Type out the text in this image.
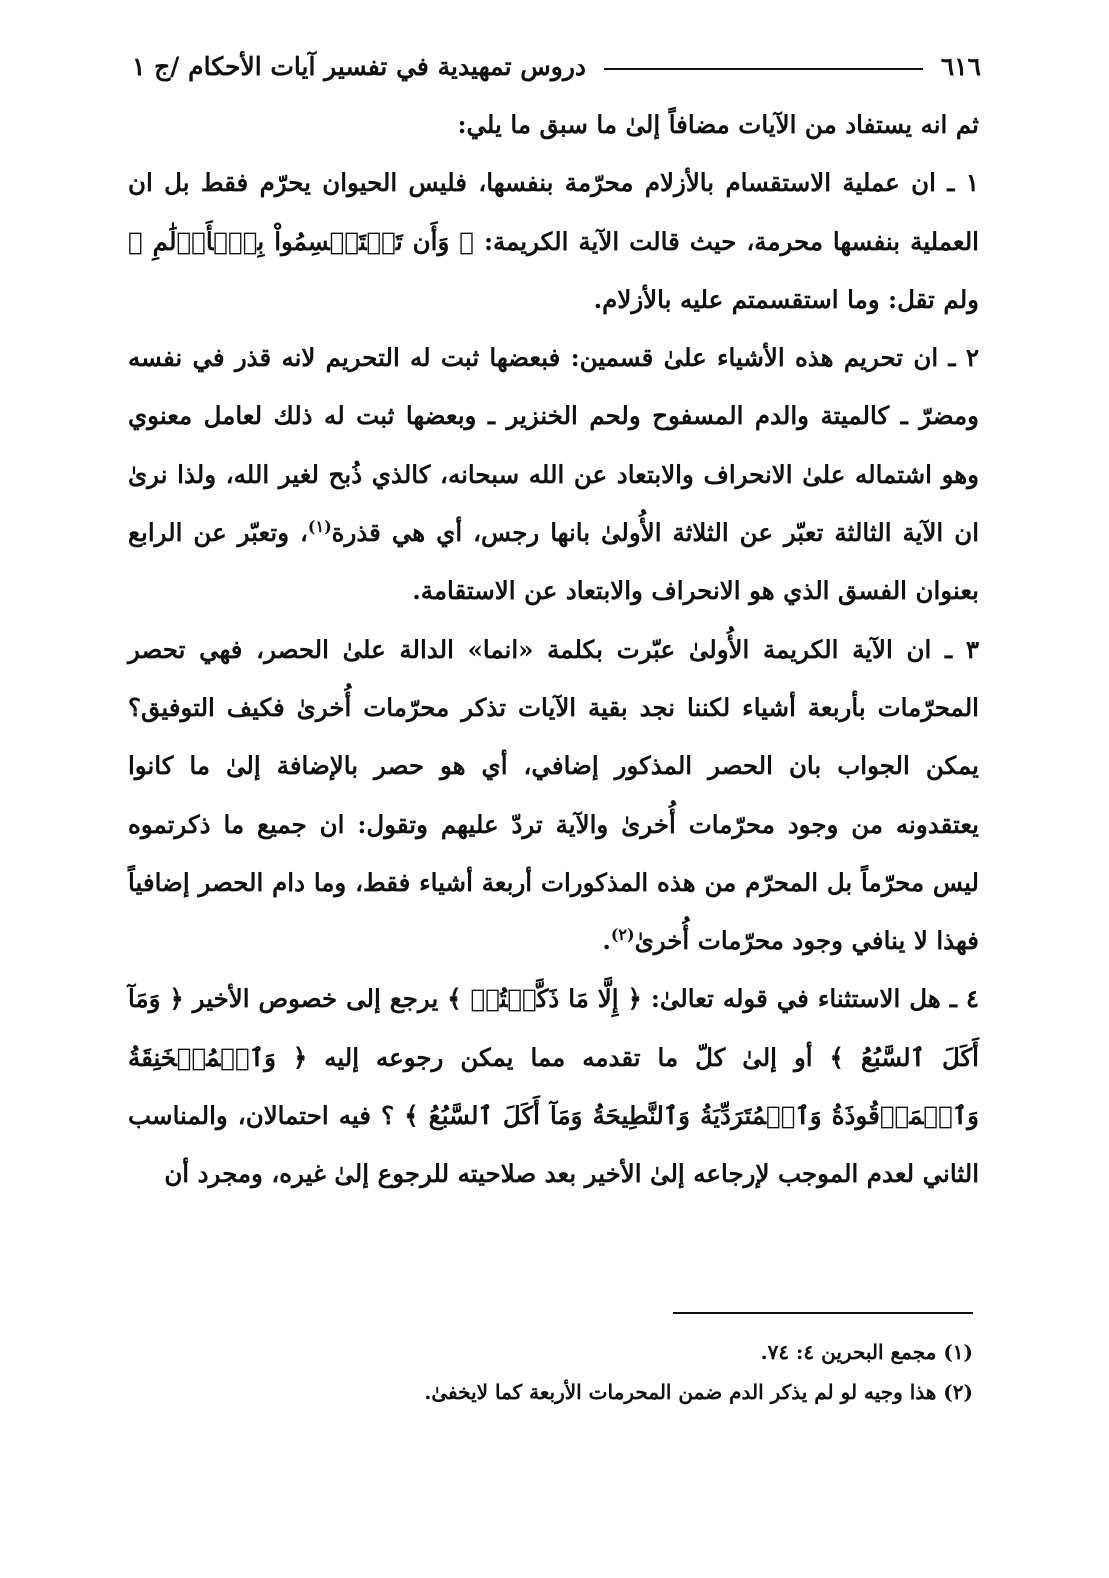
٦١٦
دروس تمهيدية في تفسير آيات الأحكام /ج ١

ثم انه يستفاد من الآيات مضافاً إلىٰ ما سبق ما يلي:

١ ـ ان عملية الاستقسام بالأزلام محرّمة بنفسها، فليس الحيوان يحرّم فقط بل ان العملية بنفسها محرمة، حيث قالت الآية الكريمة: ﴿ وَأَن تَسۡتَقۡسِمُواْ بِٱلۡأَزۡلَٰمِ ﴾ ولم تقل: وما استقسمتم عليه بالأزلام.

٢ ـ ان تحريم هذه الأشياء علىٰ قسمين: فبعضها ثبت له التحريم لانه قذر في نفسه ومضرّ ـ كالميتة والدم المسفوح ولحم الخنزير ـ وبعضها ثبت له ذلك لعامل معنوي وهو اشتماله علىٰ الانحراف والابتعاد عن الله سبحانه، كالذي ذُبح لغير الله، ولذا نرىٰ ان الآية الثالثة تعبّر عن الثلاثة الأُولىٰ بانها رجس، أي هي قذرة$^{(١)}$، وتعبّر عن الرابع بعنوان الفسق الذي هو الانحراف والابتعاد عن الاستقامة.

٣ ـ ان الآية الكريمة الأُولىٰ عبّرت بكلمة «انما» الدالة علىٰ الحصر، فهي تحصر المحرّمات بأربعة أشياء لكننا نجد بقية الآيات تذكر محرّمات أُخرىٰ فكيف التوفيق؟ يمكن الجواب بان الحصر المذكور إضافي، أي هو حصر بالإضافة إلىٰ ما كانوا يعتقدونه من وجود محرّمات أُخرىٰ والآية تردّ عليهم وتقول: ان جميع ما ذكرتموه ليس محرّماً بل المحرّم من هذه المذكورات أربعة أشياء فقط، وما دام الحصر إضافياً فهذا لا ينافي وجود محرّمات أُخرىٰ$^{(٢)}$.

٤ ـ هل الاستثناء في قوله تعالىٰ: ﴿ إِلَّا مَا ذَكَّيۡتُمۡ ﴾ يرجع إلى خصوص الأخير ﴿ وَمَآ أَكَلَ ٱلسَّبُعُ ﴾ أو إلىٰ كلّ ما تقدمه مما يمكن رجوعه إليه ﴿ وَٱلۡمُنۡخَنِقَةُ وَٱلۡمَوۡقُوذَةُ وَٱلۡمُتَرَدِّيَةُ وَٱلنَّطِيحَةُ وَمَآ أَكَلَ ٱلسَّبُعُ ﴾ ؟ فيه احتمالان، والمناسب الثاني لعدم الموجب لإرجاعه إلىٰ الأخير بعد صلاحيته للرجوع إلىٰ غيره، ومجرد أن

(١) مجمع البحرين ٤: ٧٤.

(٢) هذا وجيه لو لم يذكر الدم ضمن المحرمات الأربعة كما لايخفىٰ.
